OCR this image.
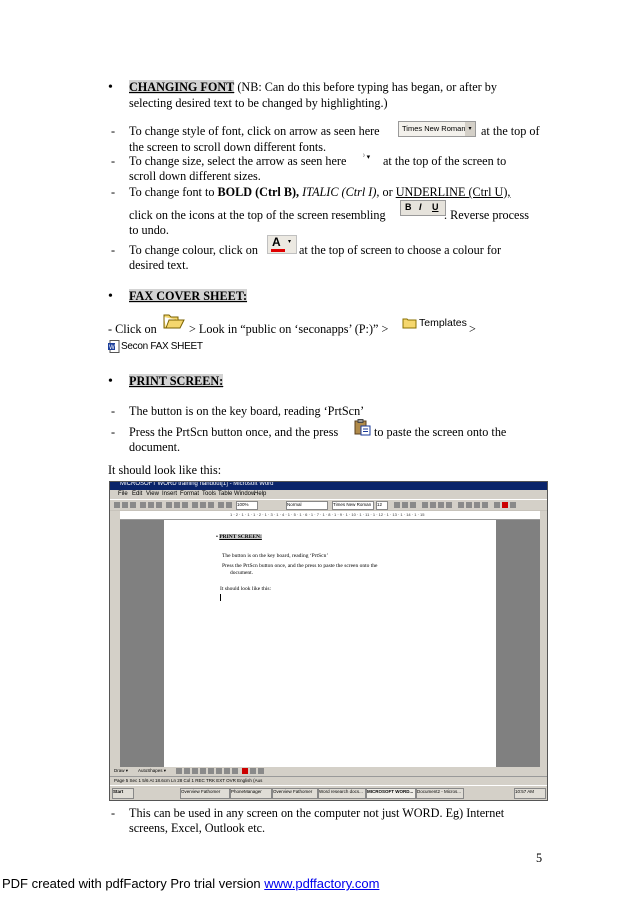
• CHANGING FONT (NB: Can do this before typing has began, or after by
selecting desired text to be changed by highlighting.)
- To change style of font, click on arrow as seen here	Times New Roman ▾ at the top of
the screen to scroll down different fonts.
- To change size, select the arrow as seen here ⁾ ▾ at the top of the screen to
scroll down different sizes.
- To change font to BOLD (Ctrl B), ITALIC (Ctrl I), or UNDERLINE (Ctrl U),
click on the icons at the top of the screen resembling
B I U
. Reverse process
to undo.
- To change colour, click on
A ▾
at the top of screen to choose a colour for
desired text.
• FAX COVER SHEET:
- Click on	> Look in “public on ‘seconapps’ (P:)” >	Templates >
W Secon FAX SHEET
• PRINT SCREEN:
- The button is on the key board, reading ‘PrtScn’
- Press the PrtScn button once, and the press	to paste the screen onto the
document.
It should look like this:
MICROSOFT WORD training handout[1] - Microsoft Word
File Edit View Insert Format Tools Table Window
Help
100%	Normal	Times New Roman	12
1 · 2 · 1 · 1 · 1 · 2 · 1 · 3 · 1 · 4 · 1 · 5 · 1 · 6 · 1 · 7 · 1 · 8 · 1 · 9 · 1 · 10 · 1 · 11 · 1 · 12 · 1 · 13 · 1 · 14 · 1 · 15
• PRINT SCREEN:
The button is on the key board, reading ‘PrtScn’
Press the PrtScn button once, and the press to paste the screen onto the
document.
It should look like this:
Draw ▾ AutoShapes ▾
Page 5 Sec 1 5/6 At 18.6cm Ln 28 Col 1 REC TRK EXT OVR English (Aus
Start	Overview Fathomer	PhoneManager	Overview Fathomer	Word research docs... MICROSOFT WORD... Document2 - Micros...	10:57 AM
- This can be used in any screen on the computer not just WORD. Eg) Internet
screens, Excel, Outlook etc.
5
PDF created with pdfFactory Pro trial version www.pdffactory.com
